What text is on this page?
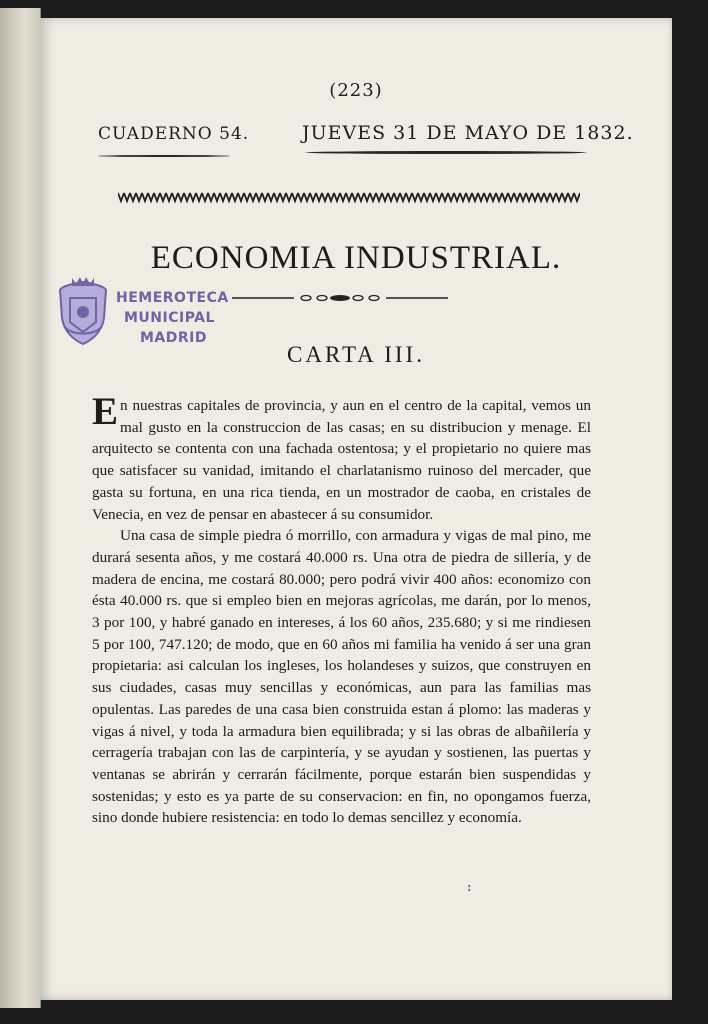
(223)
CUADERNO 54.	JUEVES 31 DE MAYO DE 1832.
ECONOMIA INDUSTRIAL.
HEMEROTECA
MUNICIPAL
MADRID
CARTA III.

En nuestras capitales de provincia, y aun en el centro de la capital, vemos un mal gusto en la construccion de las casas; en su distribucion y menage. El arquitecto se contenta con una fachada ostentosa; y el propietario no quiere mas que satisfacer su vanidad, imitando el charlatanismo ruinoso del mercader, que gasta su fortuna, en una rica tienda, en un mostrador de caoba, en cristales de Venecia, en vez de pensar en abastecer á su consumidor.

Una casa de simple piedra ó morrillo, con armadura y vigas de mal pino, me durará sesenta años, y me costará 40.000 rs. Una otra de piedra de sillería, y de madera de encina, me costará 80.000; pero podrá vivir 400 años: economizo con ésta 40.000 rs. que si empleo bien en mejoras agrícolas, me darán, por lo menos, 3 por 100, y habré ganado en intereses, á los 60 años, 235.680; y si me rindiesen 5 por 100, 747.120; de modo, que en 60 años mi familia ha venido á ser una gran propietaria: asi calculan los ingleses, los holandeses y suizos, que construyen en sus ciudades, casas muy sencillas y económicas, aun para las familias mas opulentas. Las paredes de una casa bien construida estan á plomo: las maderas y vigas á nivel, y toda la armadura bien equilibrada; y si las obras de albañilería y cerragería trabajan con las de carpintería, y se ayudan y sostienen, las puertas y ventanas se abrirán y cerrarán fácilmente, porque estarán bien suspendidas y sostenidas; y esto es ya parte de su conservacion: en fin, no opongamos fuerza, sino donde hubiere resistencia: en todo lo demas sencillez y economía.

:
